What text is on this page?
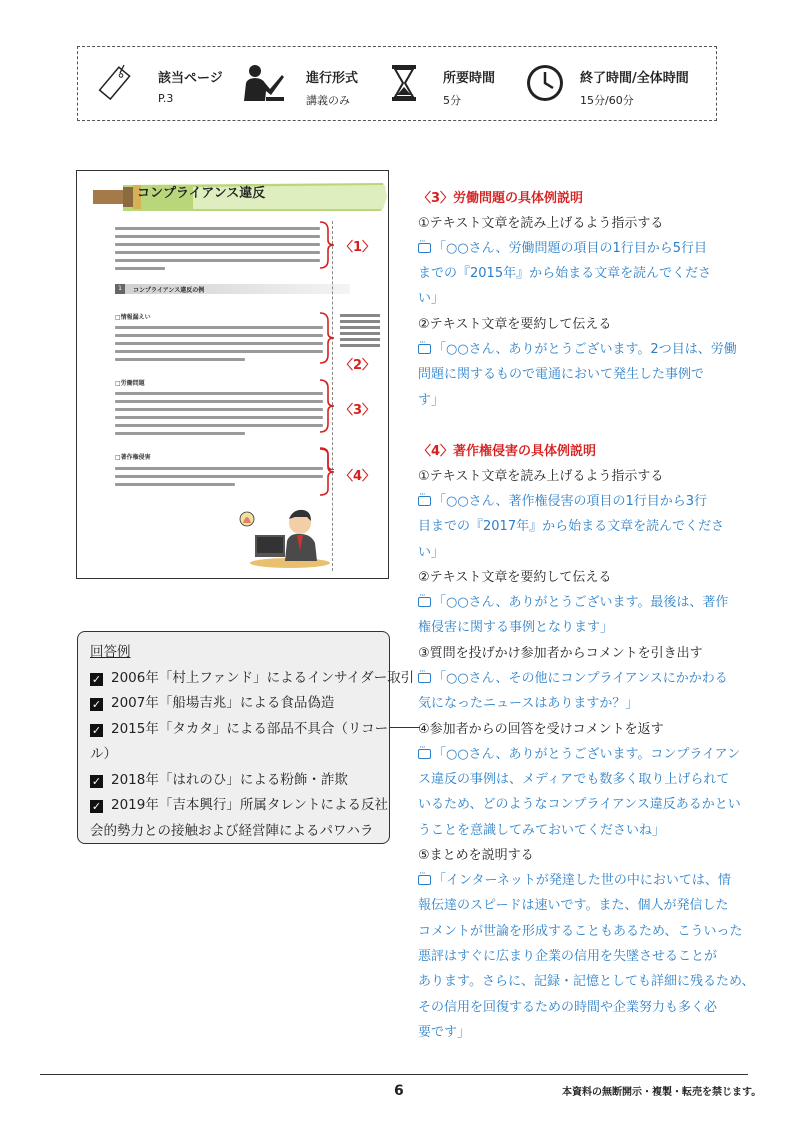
該当ページ
P.3
進行形式
講義のみ
所要時間
5分
終了時間/全体時間
15分/60分
コンプライアンス違反
1	コンプライアンス違反の例
□情報漏えい
□労働問題
□著作権侵害
〈1〉
〈2〉
〈3〉
〈4〉
回答例
✓ 2006年「村上ファンド」によるインサイダー取引
✓ 2007年「船場吉兆」による食品偽造
✓ 2015年「タカタ」による部品不具合（リコー
ル）
✓ 2018年「はれのひ」による粉飾・詐欺
✓ 2019年「吉本興行」所属タレントによる反社
会的勢力との接触および経営陣によるパワハラ
〈3〉労働問題の具体例説明
①テキスト文章を読み上げるよう指示する
···「○○さん、労働問題の項目の1行目から5行目
までの『2015年』から始まる文章を読んでくださ
い」
②テキスト文章を要約して伝える
···「○○さん、ありがとうございます。2つ目は、労働
問題に関するもので電通において発生した事例で
す」
〈4〉著作権侵害の具体例説明
①テキスト文章を読み上げるよう指示する
···「○○さん、著作権侵害の項目の1行目から3行
目までの『2017年』から始まる文章を読んでくださ
い」
②テキスト文章を要約して伝える
···「○○さん、ありがとうございます。最後は、著作
権侵害に関する事例となります」
③質問を投げかけ参加者からコメントを引き出す
···「○○さん、その他にコンプライアンスにかかわる
気になったニュースはありますか？」
④参加者からの回答を受けコメントを返す
···「○○さん、ありがとうございます。コンプライアン
ス違反の事例は、メディアでも数多く取り上げられて
いるため、どのようなコンプライアンス違反あるかとい
うことを意識してみておいてくださいね」
⑤まとめを説明する
···「インターネットが発達した世の中においては、情
報伝達のスピードは速いです。また、個人が発信した
コメントが世論を形成することもあるため、こういった
悪評はすぐに広まり企業の信用を失墜させることが
あります。さらに、記録・記憶としても詳細に残るため、
その信用を回復するための時間や企業努力も多く必
要です」
6	本資料の無断開示・複製・転売を禁じます。
